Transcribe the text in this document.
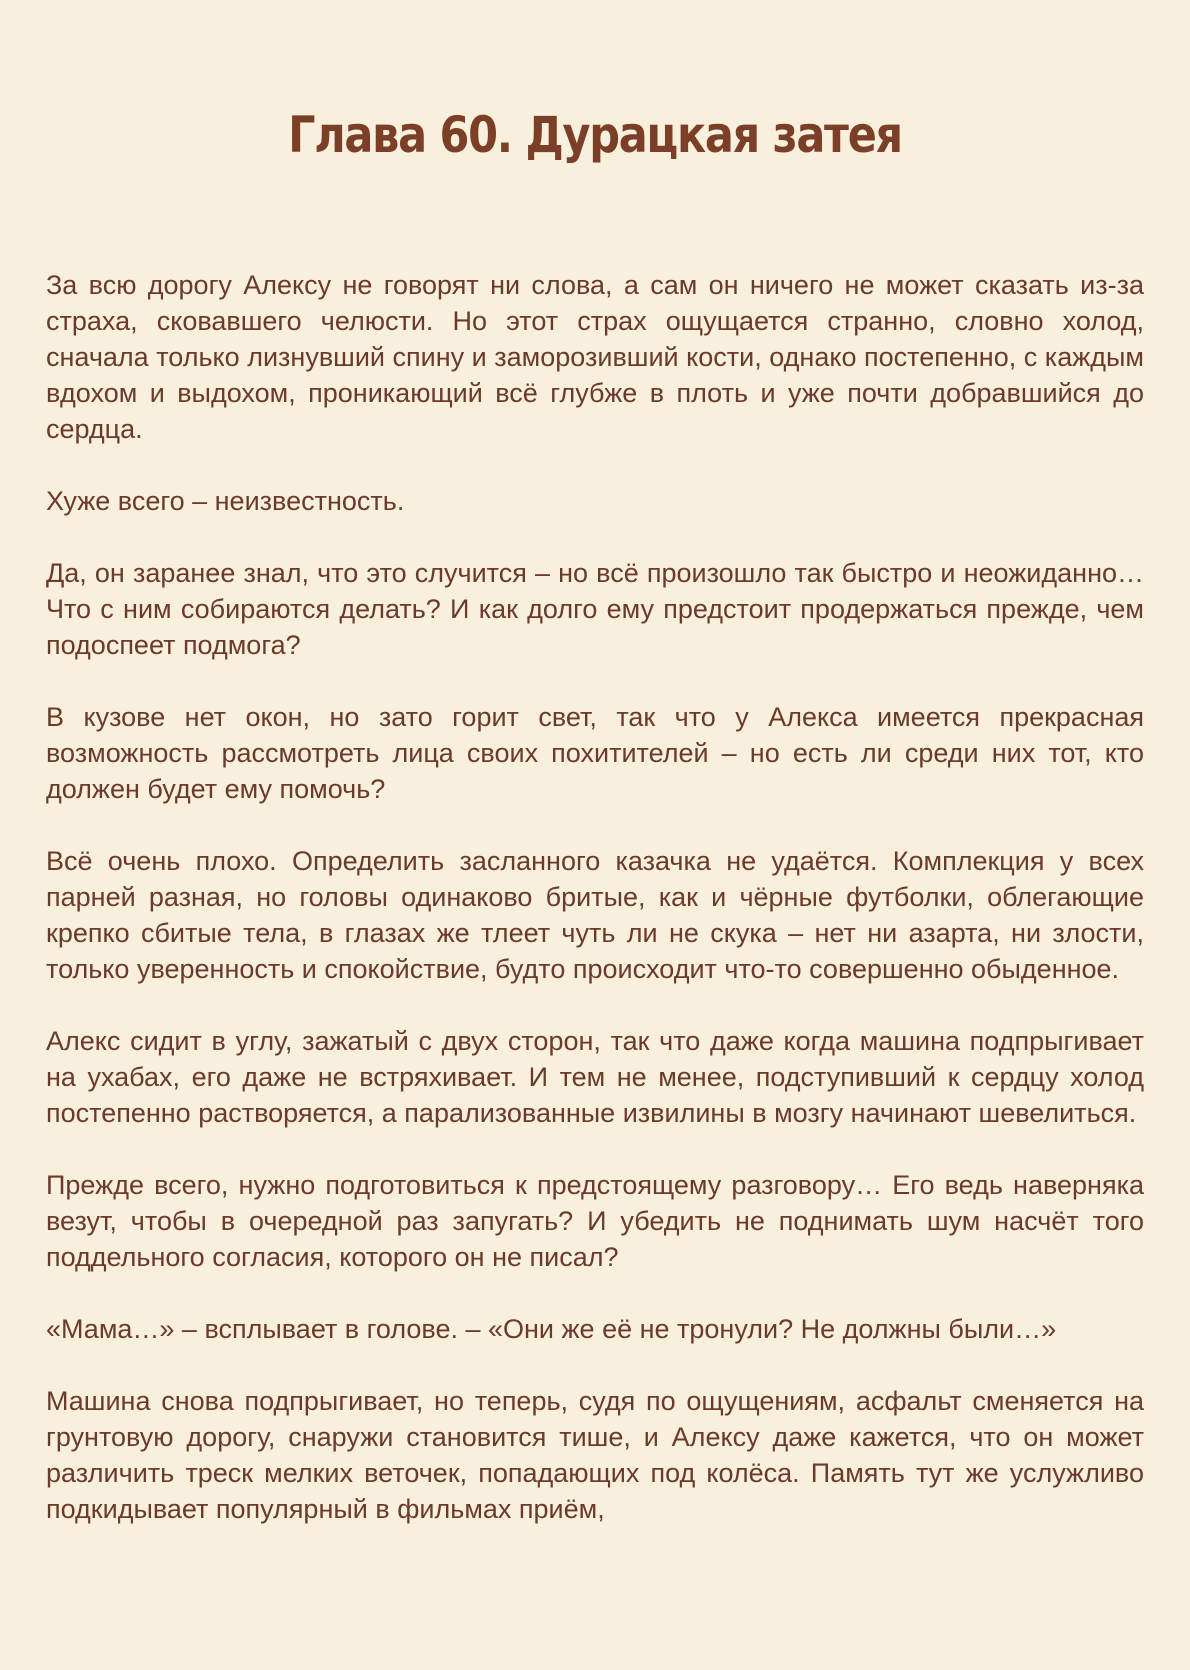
Глава 60. Дурацкая затея

За всю дорогу Алексу не говорят ни слова, а сам он ничего не может сказать из-за страха, сковавшего челюсти. Но этот страх ощущается странно, словно холод, сначала только лизнувший спину и заморозивший кости, однако постепенно, с каждым вдохом и выдохом, проникающий всё глубже в плоть и уже почти добравшийся до сердца.

Хуже всего – неизвестность.

Да, он заранее знал, что это случится – но всё произошло так быстро и неожиданно… Что с ним собираются делать? И как долго ему предстоит продержаться прежде, чем подоспеет подмога?

В кузове нет окон, но зато горит свет, так что у Алекса имеется прекрасная возможность рассмотреть лица своих похитителей – но есть ли среди них тот, кто должен будет ему помочь?

Всё очень плохо. Определить засланного казачка не удаётся. Комплекция у всех парней разная, но головы одинаково бритые, как и чёрные футболки, облегающие крепко сбитые тела, в глазах же тлеет чуть ли не скука – нет ни азарта, ни злости, только уверенность и спокойствие, будто происходит что-то совершенно обыденное.

Алекс сидит в углу, зажатый с двух сторон, так что даже когда машина подпрыгивает на ухабах, его даже не встряхивает. И тем не менее, подступивший к сердцу холод постепенно растворяется, а парализованные извилины в мозгу начинают шевелиться.

Прежде всего, нужно подготовиться к предстоящему разговору… Его ведь наверняка везут, чтобы в очередной раз запугать? И убедить не поднимать шум насчёт того поддельного согласия, которого он не писал?

«Мама…» – всплывает в голове. – «Они же её не тронули? Не должны были…»

Машина снова подпрыгивает, но теперь, судя по ощущениям, асфальт сменяется на грунтовую дорогу, снаружи становится тише, и Алексу даже кажется, что он может различить треск мелких веточек, попадающих под колёса. Память тут же услужливо подкидывает популярный в фильмах приём,
